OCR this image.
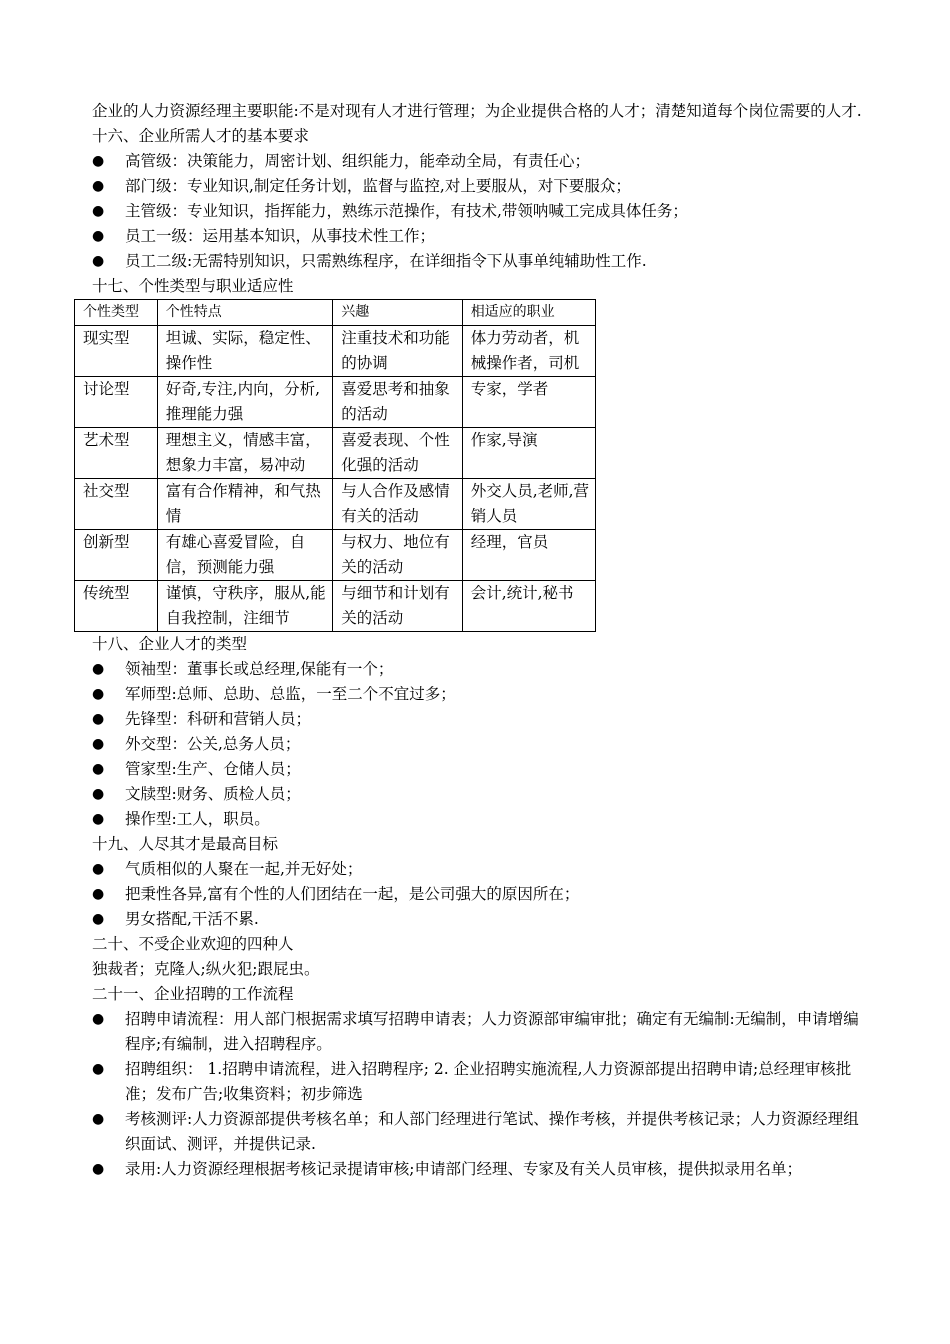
企业的人力资源经理主要职能:不是对现有人才进行管理；为企业提供合格的人才；清楚知道每个岗位需要的人才.

十六、企业所需人才的基本要求

● 高管级：决策能力，周密计划、组织能力，能牵动全局，有责任心；
● 部门级：专业知识,制定任务计划，监督与监控,对上要服从，对下要服众；
● 主管级：专业知识，指挥能力，熟练示范操作，有技术,带领呐喊工完成具体任务；
● 员工一级：运用基本知识，从事技术性工作；
● 员工二级:无需特别知识，只需熟练程序，在详细指令下从事单纯辅助性工作.

十七、个性类型与职业适应性

个性类型	个性特点	兴趣	相适应的职业
现实型	坦诚、实际，稳定性、操作性	注重技术和功能的协调	体力劳动者，机械操作者，司机
讨论型	好奇,专注,内向，分析,推理能力强	喜爱思考和抽象的活动	专家，学者
艺术型	理想主义，情感丰富，想象力丰富，易冲动	喜爱表现、个性化强的活动	作家,导演
社交型	富有合作精神，和气热情	与人合作及感情有关的活动	外交人员,老师,营销人员
创新型	有雄心喜爱冒险，自信，预测能力强	与权力、地位有关的活动	经理，官员
传统型	谨慎，守秩序，服从,能自我控制，注细节	与细节和计划有关的活动	会计,统计,秘书

十八、企业人才的类型

● 领袖型：董事长或总经理,保能有一个；
● 军师型:总师、总助、总监，一至二个不宜过多；
● 先锋型：科研和营销人员；
● 外交型：公关,总务人员；
● 管家型:生产、仓储人员；
● 文牍型:财务、质检人员；
● 操作型:工人，职员。

十九、人尽其才是最高目标

● 气质相似的人聚在一起,并无好处；
● 把秉性各异,富有个性的人们团结在一起，是公司强大的原因所在；
● 男女搭配,干活不累.

二十、不受企业欢迎的四种人

独裁者；克隆人;纵火犯;跟屁虫。

二十一、企业招聘的工作流程

● 招聘申请流程：用人部门根据需求填写招聘申请表；人力资源部审编审批；确定有无编制:无编制，申请增编程序;有编制，进入招聘程序。
● 招聘组织： 1.招聘申请流程，进入招聘程序; 2. 企业招聘实施流程,人力资源部提出招聘申请;总经理审核批准；发布广告;收集资料；初步筛选
● 考核测评:人力资源部提供考核名单；和人部门经理进行笔试、操作考核，并提供考核记录；人力资源经理组织面试、测评，并提供记录.
● 录用:人力资源经理根据考核记录提请审核;申请部门经理、专家及有关人员审核，提供拟录用名单；
